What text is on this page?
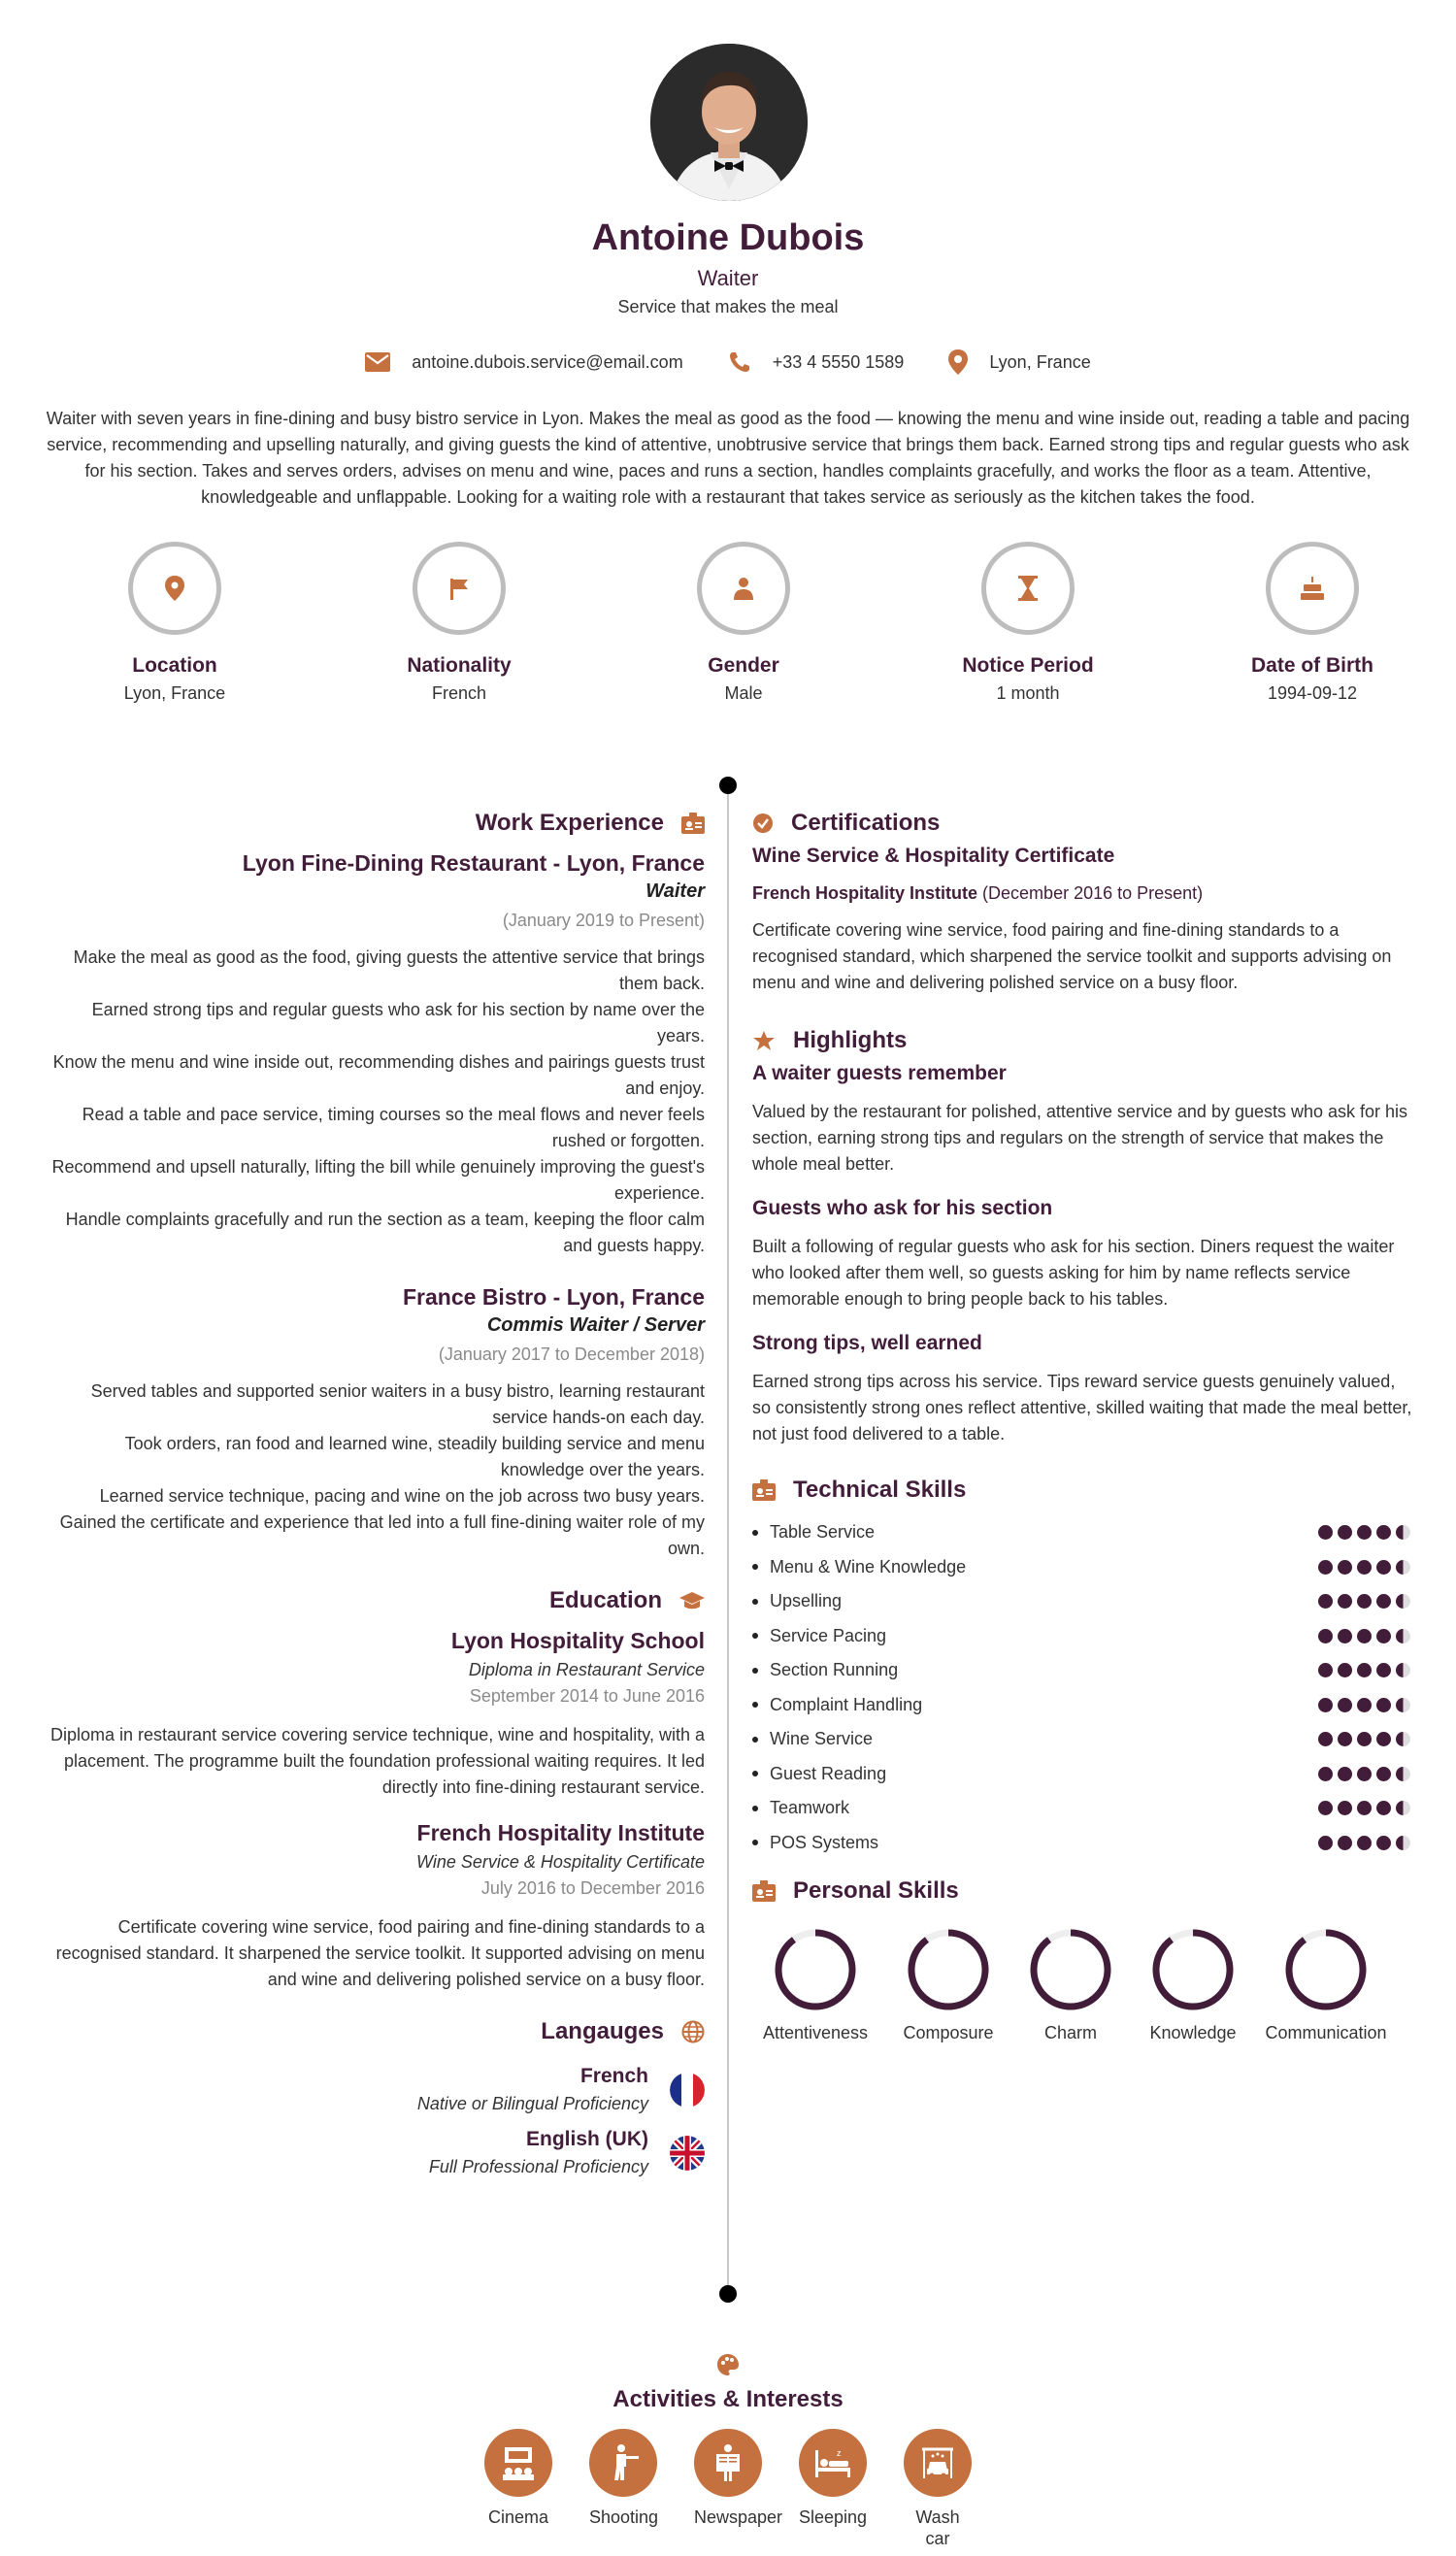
Antoine Dubois
Waiter
Service that makes the meal
antoine.dubois.service@email.com	+33 4 5550 1589	Lyon, France
Waiter with seven years in fine-dining and busy bistro service in Lyon. Makes the meal as good as the food — knowing the menu and wine inside out, reading a table and pacing service, recommending and upselling naturally, and giving guests the kind of attentive, unobtrusive service that brings them back. Earned strong tips and regular guests who ask for his section. Takes and serves orders, advises on menu and wine, paces and runs a section, handles complaints gracefully, and works the floor as a team. Attentive, knowledgeable and unflappable. Looking for a waiting role with a restaurant that takes service as seriously as the kitchen takes the food.
Location
Lyon, France
Nationality
French
Gender
Male
Notice Period
1 month
Date of Birth
1994-09-12
Work Experience
Lyon Fine-Dining Restaurant - Lyon, France
Waiter
(January 2019 to Present)
Make the meal as good as the food, giving guests the attentive service that brings them back.
Earned strong tips and regular guests who ask for his section by name over the years.
Know the menu and wine inside out, recommending dishes and pairings guests trust and enjoy.
Read a table and pace service, timing courses so the meal flows and never feels rushed or forgotten.
Recommend and upsell naturally, lifting the bill while genuinely improving the guest's experience.
Handle complaints gracefully and run the section as a team, keeping the floor calm and guests happy.
France Bistro - Lyon, France
Commis Waiter / Server
(January 2017 to December 2018)
Served tables and supported senior waiters in a busy bistro, learning restaurant service hands-on each day.
Took orders, ran food and learned wine, steadily building service and menu knowledge over the years.
Learned service technique, pacing and wine on the job across two busy years.
Gained the certificate and experience that led into a full fine-dining waiter role of my own.
Education
Lyon Hospitality School
Diploma in Restaurant Service
September 2014 to June 2016
Diploma in restaurant service covering service technique, wine and hospitality, with a placement. The programme built the foundation professional waiting requires. It led directly into fine-dining restaurant service.
French Hospitality Institute
Wine Service & Hospitality Certificate
July 2016 to December 2016
Certificate covering wine service, food pairing and fine-dining standards to a recognised standard. It sharpened the service toolkit. It supported advising on menu and wine and delivering polished service on a busy floor.
Langauges
French
Native or Bilingual Proficiency
English (UK)
Full Professional Proficiency
Certifications
Wine Service & Hospitality Certificate
French Hospitality Institute (December 2016 to Present)
Certificate covering wine service, food pairing and fine-dining standards to a recognised standard, which sharpened the service toolkit and supports advising on menu and wine and delivering polished service on a busy floor.
Highlights
A waiter guests remember
Valued by the restaurant for polished, attentive service and by guests who ask for his section, earning strong tips and regulars on the strength of service that makes the whole meal better.
Guests who ask for his section
Built a following of regular guests who ask for his section. Diners request the waiter who looked after them well, so guests asking for him by name reflects service memorable enough to bring people back to his tables.
Strong tips, well earned
Earned strong tips across his service. Tips reward service guests genuinely valued, so consistently strong ones reflect attentive, skilled waiting that made the meal better, not just food delivered to a table.
Technical Skills
Table Service
Menu & Wine Knowledge
Upselling
Service Pacing
Section Running
Complaint Handling
Wine Service
Guest Reading
Teamwork
POS Systems
Personal Skills
Attentiveness	Composure	Charm	Knowledge	Communication
Activities & Interests
Cinema Shooting Newspaper
z
Sleeping	Wash car
